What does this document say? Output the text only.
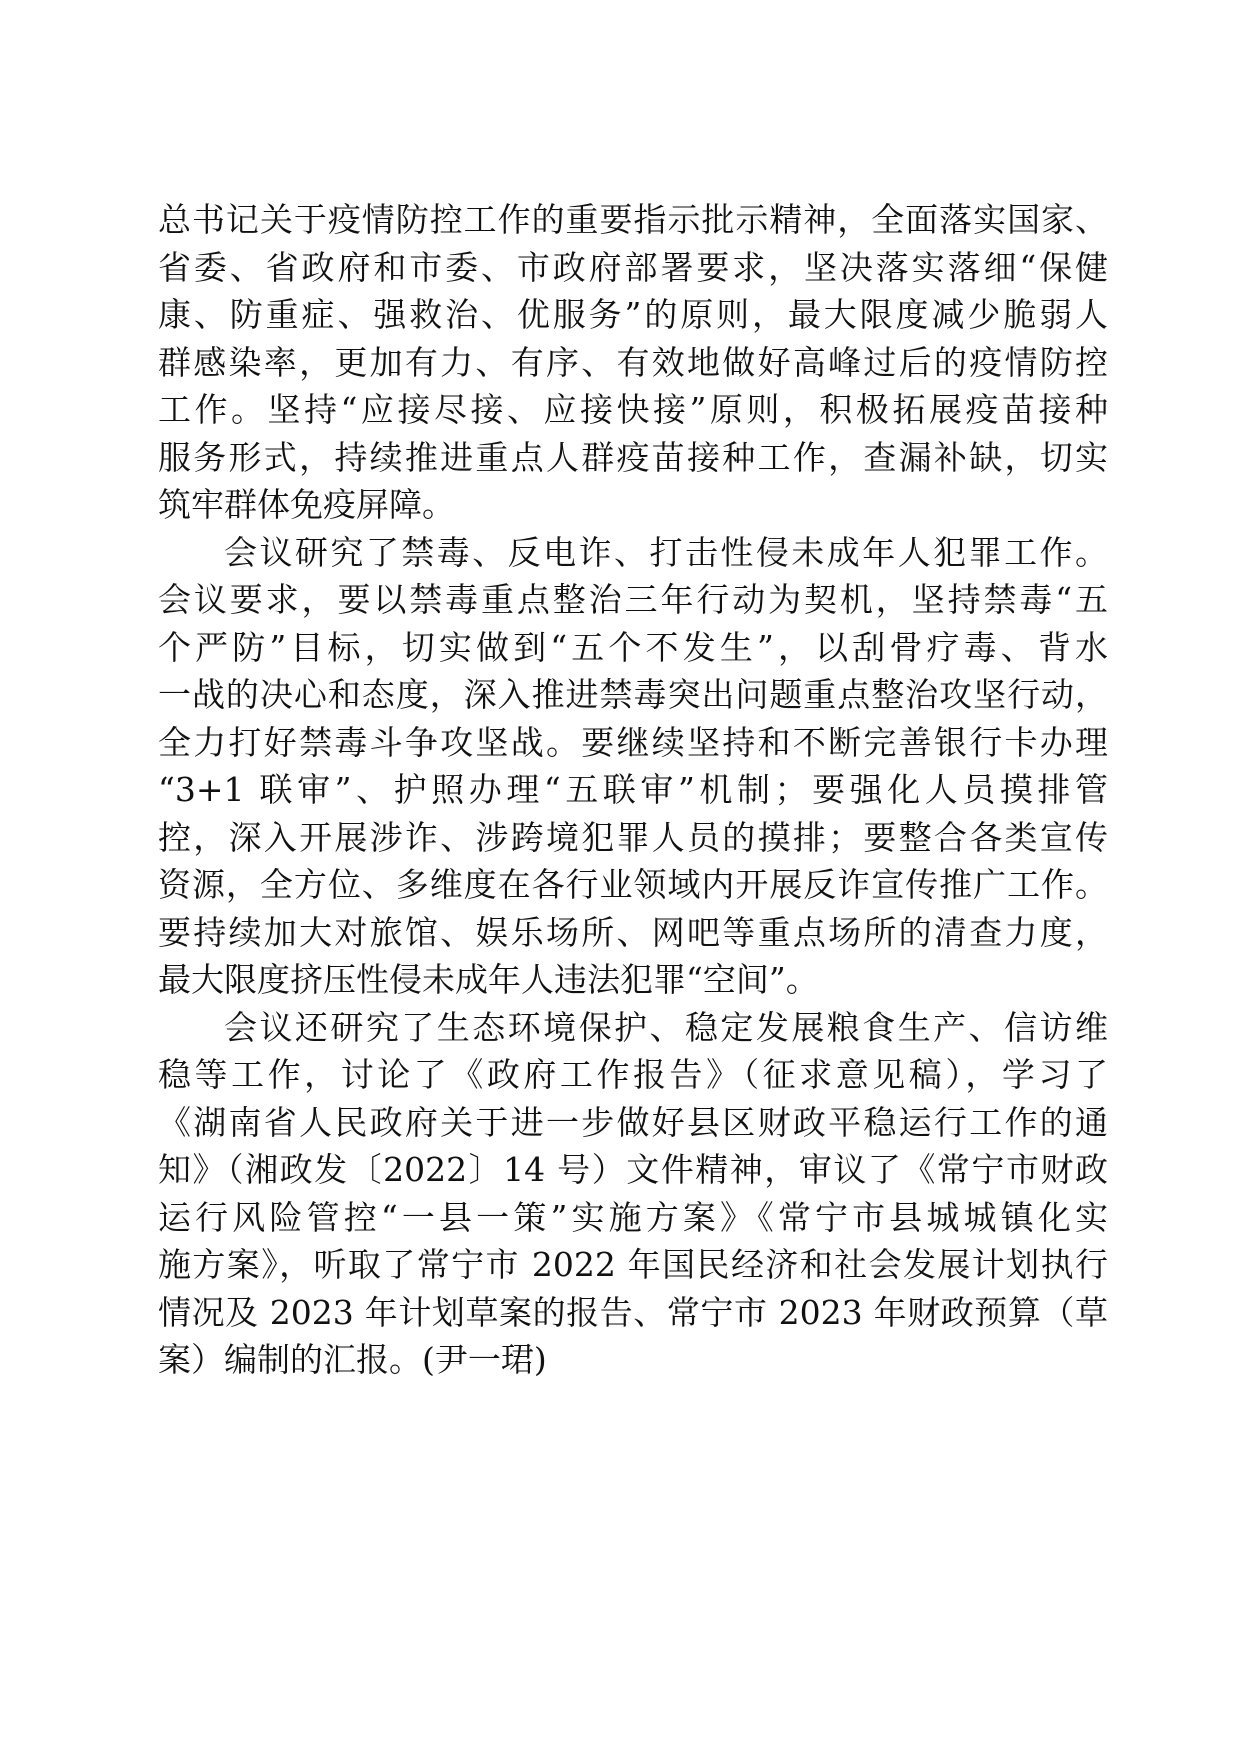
总书记关于疫情防控工作的重要指示批示精神，全面落实国家、
省委、省政府和市委、市政府部署要求，坚决落实落细“保健
康、防重症、强救治、优服务”的原则，最大限度减少脆弱人
群感染率，更加有力、有序、有效地做好高峰过后的疫情防控
工作。坚持“应接尽接、应接快接”原则，积极拓展疫苗接种
服务形式，持续推进重点人群疫苗接种工作，查漏补缺，切实
筑牢群体免疫屏障。
会议研究了禁毒、反电诈、打击性侵未成年人犯罪工作。
会议要求，要以禁毒重点整治三年行动为契机，坚持禁毒“五
个严防”目标，切实做到“五个不发生”，以刮骨疗毒、背水
一战的决心和态度，深入推进禁毒突出问题重点整治攻坚行动，
全力打好禁毒斗争攻坚战。要继续坚持和不断完善银行卡办理
“3+1 联审”、护照办理“五联审”机制；要强化人员摸排管
控，深入开展涉诈、涉跨境犯罪人员的摸排；要整合各类宣传
资源，全方位、多维度在各行业领域内开展反诈宣传推广工作。
要持续加大对旅馆、娱乐场所、网吧等重点场所的清查力度，
最大限度挤压性侵未成年人违法犯罪“空间”。
会议还研究了生态环境保护、稳定发展粮食生产、信访维
稳等工作，讨论了《政府工作报告》（征求意见稿），学习了
《湖南省人民政府关于进一步做好县区财政平稳运行工作的通
知》（湘政发〔2022〕14 号）文件精神，审议了《常宁市财政
运行风险管控“一县一策”实施方案》《常宁市县城城镇化实
施方案》，听取了常宁市 2022 年国民经济和社会发展计划执行
情况及 2023 年计划草案的报告、常宁市 2023 年财政预算（草
案）编制的汇报。(尹一珺)
